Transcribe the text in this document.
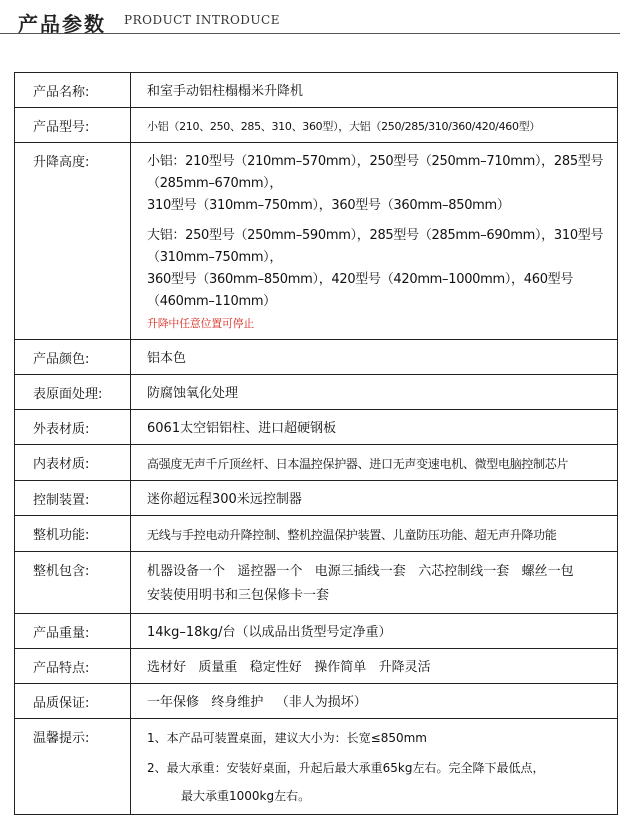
产品参数 PRODUCT INTRODUCE
产品名称:	和室手动铝柱榻榻米升降机
产品型号:	小铝（210、250、285、310、360型），大铝（250/285/310/360/420/460型）
升降高度:	小铝：210型号（210mm–570mm），250型号（250mm–710mm），285型号（285mm–670mm），
310型号（310mm–750mm），360型号（360mm–850mm）
大铝：250型号（250mm–590mm），285型号（285mm–690mm），310型号（310mm–750mm），
360型号（360mm–850mm），420型号（420mm–1000mm），460型号（460mm–110mm）
升降中任意位置可停止

产品颜色:	铝本色
表原面处理:	防腐蚀氧化处理
外表材质:	6061太空铝铝柱、进口超硬钢板
内表材质:	高强度无声千斤顶丝杆、日本温控保护器、进口无声变速电机、微型电脑控制芯片
控制装置:	迷你超远程300米远控制器
整机功能:	无线与手控电动升降控制、整机控温保护装置、儿童防压功能、超无声升降功能
整机包含:	机器设备一个   遥控器一个   电源三插线一套   六芯控制线一套   螺丝一包
安装使用明书和三包保修卡一套

产品重量:	14kg–18kg/台（以成品出货型号定净重）
产品特点:	选材好   质量重   稳定性好   操作简单   升降灵活
品质保证:	一年保修   终身维护   （非人为损坏）
温馨提示:	1、本产品可装置桌面，建议大小为：长宽≤850mm
2、最大承重：安装好桌面，升起后最大承重65kg左右。完全降下最低点，
最大承重1000kg左右。
